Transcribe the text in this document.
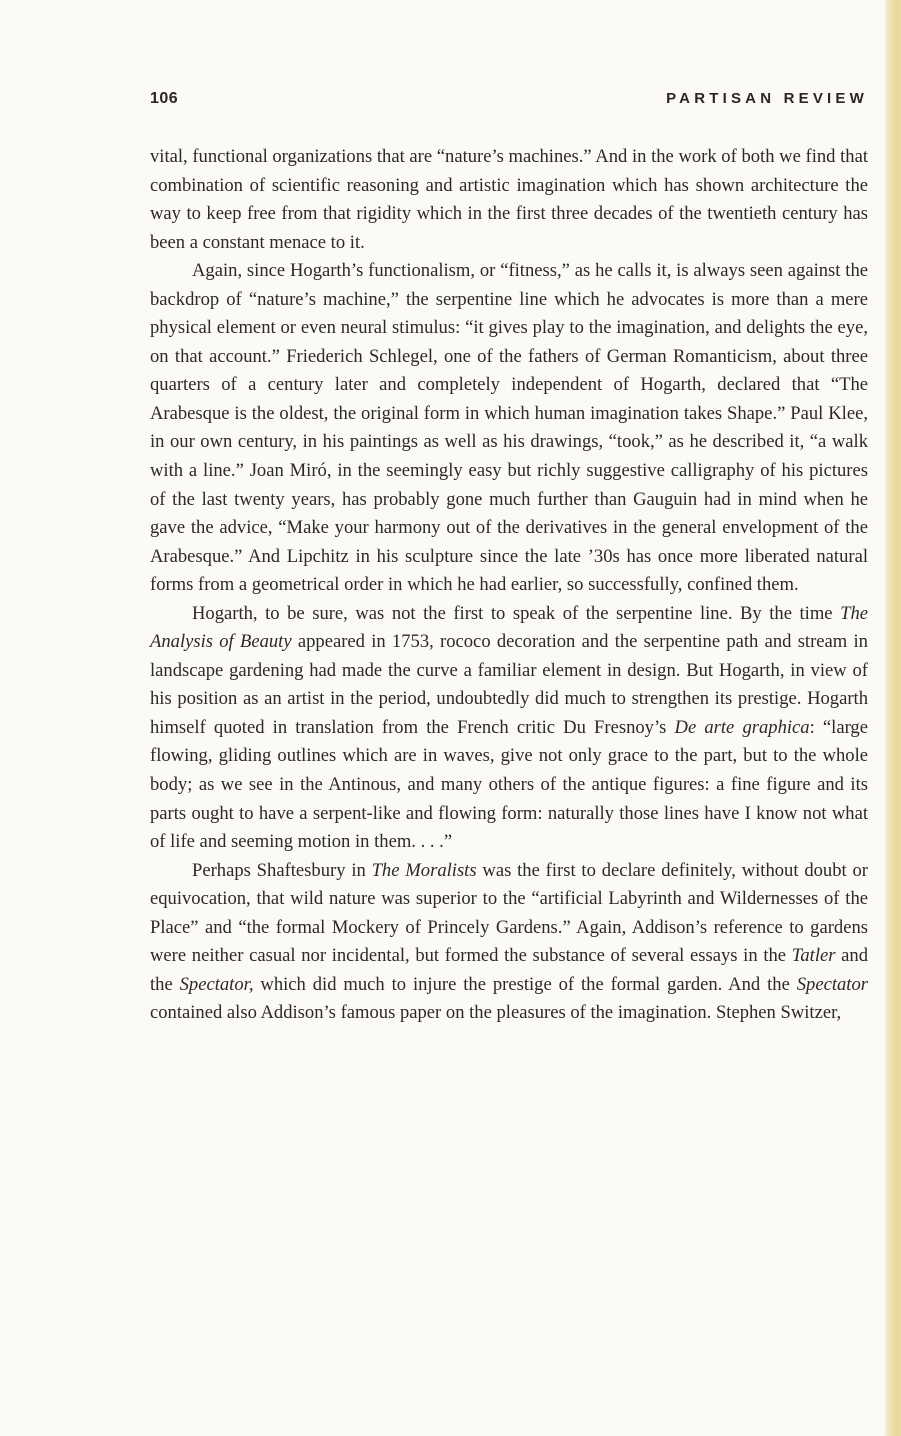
106	PARTISAN REVIEW

vital, functional organizations that are “nature’s machines.” And in the work of both we find that combination of scientific reasoning and artistic imagination which has shown architecture the way to keep free from that rigidity which in the first three decades of the twentieth century has been a constant menace to it.

Again, since Hogarth’s functionalism, or “fitness,” as he calls it, is always seen against the backdrop of “nature’s machine,” the serpentine line which he advocates is more than a mere physical element or even neural stimulus: “it gives play to the imagination, and delights the eye, on that account.” Friederich Schlegel, one of the fathers of German Romanticism, about three quarters of a century later and completely independent of Hogarth, declared that “The Arabesque is the oldest, the original form in which human imagination takes Shape.” Paul Klee, in our own century, in his paintings as well as his drawings, “took,” as he described it, “a walk with a line.” Joan Miró, in the seemingly easy but richly suggestive calligraphy of his pictures of the last twenty years, has probably gone much further than Gauguin had in mind when he gave the advice, “Make your harmony out of the derivatives in the general envelopment of the Arabesque.” And Lipchitz in his sculpture since the late ’30s has once more liberated natural forms from a geometrical order in which he had earlier, so successfully, confined them.

Hogarth, to be sure, was not the first to speak of the serpentine line. By the time The Analysis of Beauty appeared in 1753, rococo decoration and the serpentine path and stream in landscape gardening had made the curve a familiar element in design. But Hogarth, in view of his position as an artist in the period, undoubtedly did much to strengthen its prestige. Hogarth himself quoted in translation from the French critic Du Fresnoy’s De arte graphica: “large flowing, gliding outlines which are in waves, give not only grace to the part, but to the whole body; as we see in the Antinous, and many others of the antique figures: a fine figure and its parts ought to have a serpent-like and flowing form: naturally those lines have I know not what of life and seeming motion in them. . . .”

Perhaps Shaftesbury in The Moralists was the first to declare definitely, without doubt or equivocation, that wild nature was superior to the “artificial Labyrinth and Wildernesses of the Place” and “the formal Mockery of Princely Gardens.” Again, Addison’s reference to gardens were neither casual nor incidental, but formed the substance of several essays in the Tatler and the Spectator, which did much to injure the prestige of the formal garden. And the Spectator contained also Addison’s famous paper on the pleasures of the imagination. Stephen Switzer,
